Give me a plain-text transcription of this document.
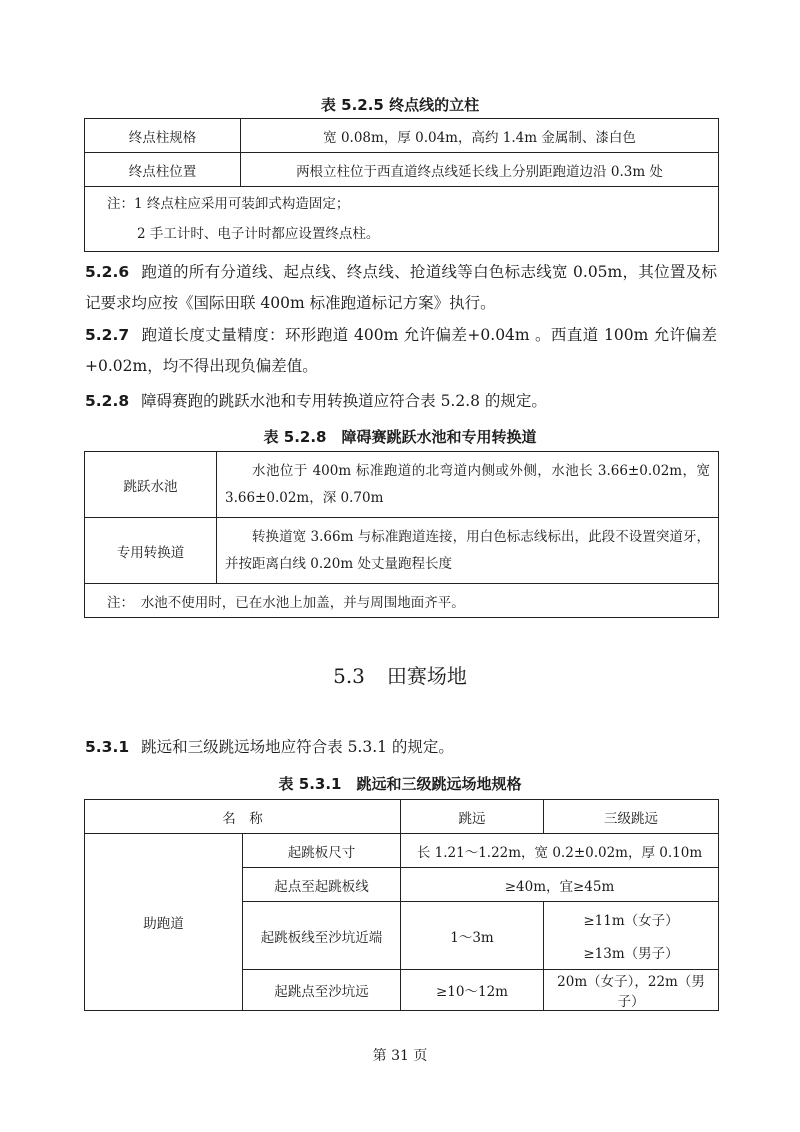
表 5.2.5 终点线的立柱
终点柱规格	宽 0.08m，厚 0.04m，高约 1.4m 金属制、漆白色
终点柱位置	两根立柱位于西直道终点线延长线上分别距跑道边沿 0.3m 处

注：1 终点柱应采用可装卸式构造固定；
2 手工计时、电子计时都应设置终点柱。	
5.2.6 跑道的所有分道线、起点线、终点线、抢道线等白色标志线宽 0.05m，其位置及标记要求均应按《国际田联 400m 标准跑道标记方案》执行。
5.2.7 跑道长度丈量精度：环形跑道 400m 允许偏差+0.04m 。西直道 100m 允许偏差+0.02m，均不得出现负偏差值。
5.2.8 障碍赛跑的跳跃水池和专用转换道应符合表 5.2.8 的规定。
表 5.2.8　障碍赛跳跃水池和专用转换道
跳跃水池	水池位于 400m 标准跑道的北弯道内侧或外侧，水池长 3.66±0.02m，宽 3.66±0.02m，深 0.70m
专用转换道	转换道宽 3.66m 与标准跑道连接，用白色标志线标出，此段不设置突道牙，并按距离白线 0.20m 处丈量跑程长度
注：　水池不使用时，已在水池上加盖，并与周围地面齐平。	
5.3 田赛场地
5.3.1 跳远和三级跳远场地应符合表 5.3.1 的规定。
表 5.3.1　跳远和三级跳远场地规格
名　称		跳远	三级跳远
助跑道	起跳板尺寸	长 1.21～1.22m，宽 0.2±0.02m，厚 0.10m	
	起点至起跳板线	≥40m，宜≥45m	
	起跳板线至沙坑近端	1～3m	≥11m（女子）
			≥13m（男子）
	起跳点至沙坑远	≥10～12m	20m（女子），22m（男子）
第 31 页
